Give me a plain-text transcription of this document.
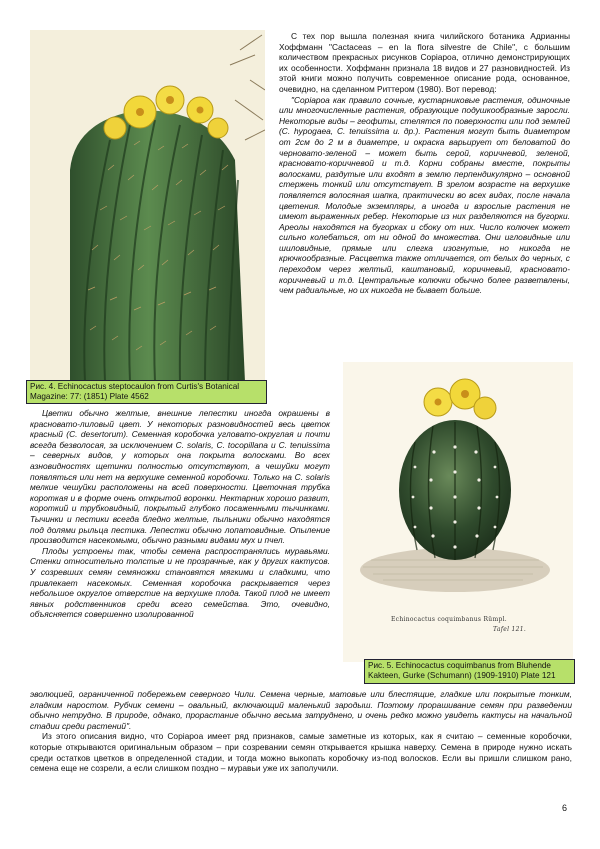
Рис. 4. Echinocactus steptocaulon from Curtis's Botanical Magazine: 77: (1851) Plate 4562

С тех пор вышла полезная книга чилийского ботаника Адрианны Хоффманн "Cactaceas – en la flora silvestre de Chile", с большим количеством прекрасных рисунков Copiapoa, отлично демонстрирующих их особенности. Хоффманн признала 18 видов и 27 разновидностей. Из этой книги можно получить современное описание рода, основанное, очевидно, на сделанном Риттером (1980). Вот перевод:

"Copiapoa как правило сочные, кустарниковые растения, одиночные или многочисленные растения, образующие подушкообразные заросли. Некоторые виды – геофиты, стелятся по поверхности или под землей (C. hypogaea, C. tenuissima и. др.). Растения могут быть диаметром от 2см до 2 м в диаметре, и окраска варьирует от беловатой до черновато-зеленой – может быть серой, коричневой, зеленой, красновато-коричневой и т.д. Корни собраны вместе, покрыты волосками, раздутые или входят в землю перпендикулярно – основной стержень тонкий или отсутствует. В зрелом возрасте на верхушке появляется волосяная шапка, практически во всех видах, после начала цветения. Молодые экземпляры, а иногда и взрослые растения не имеют выраженных ребер. Некоторые из них разделяются на бугорки. Ареолы находятся на бугорках и сбоку от них. Число колючек может сильно колебаться, от ни одной до множества. Они игловидные или шиловидные, прямые или слегка изогнутые, но никогда не крючкообразные. Расцветка также отличается, от белых до черных, с переходом через желтый, каштановый, коричневый, красновато-коричневый и т.д. Центральные колючки обычно более разветвлены, чем радиальные, но их никогда не бывает больше.

Echinocactus coquimbanus Rümpl.
Tafel 121.
Рис. 5. Echinocactus coquimbanus from Bluhende Kakteen, Gurke (Schumann) (1909-1910) Plate 121

Цветки обычно желтые, внешние лепестки иногда окрашены в красновато-лиловый цвет. У некоторых разновидностей весь цветок красный (C. desertorum). Семенная коробочка угловато-округлая и почти всегда безволосая, за исключением C. solaris, C. tocopillana и C. tenuissima – северных видов, у которых она покрыта волосками. Во всех азновидностях щетинки полностью отсутствуют, а чешуйки могут появляться или нет на верхушке семенной коробочки. Только на C. solaris мелкие чешуйки расположены на всей поверхности. Цветочная трубка короткая и в форме очень открытой воронки. Нектарник хорошо развит, короткий и трубковидный, покрытый глубоко посаженными тычинками. Тычинки и пестики всегда бледно желтые, пыльники обычно находятся под долями рыльца пестика. Лепестки обычно лопатовидные. Опыление производится насекомыми, обычно разными видами мух и пчел.

Плоды устроены так, чтобы семена распространялись муравьями. Стенки относительно толстые и не прозрачные, как у других кактусов. У созревших семян семяножки становятся мягкими и сладкими, что привлекает насекомых. Семенная коробочка раскрывается через небольшое округлое отверстие на верхушке плода. Такой плод не имеет явных родственников среди всего семейства. Это, очевидно, объясняется совершенно изолированной

эволюцией, ограниченной побережьем северного Чили. Семена черные, матовые или блестящие, гладкие или покрытые тонким, гладким наростом. Рубчик семени – овальный, включающий маленький зародыш. Поэтому прорашивание семян при разведении обычно нетрудно. В природе, однако, прорастание обычно весьма затруднено, и очень редко можно увидеть кактусы на начальной стадии среди растений".

Из этого описания видно, что Copiapoa имеет ряд признаков, самые заметные из которых, как я считаю – семенные коробочки, которые открываются оригинальным образом – при созревании семян открывается крышка наверху. Семена в природе нужно искать среди остатков цветков в определенной стадии, и тогда можно выкопать коробочку из-под волосков. Если вы пришли слишком рано, семена еще не созрели, а если слишком поздно – муравьи уже их заполучили.

6
